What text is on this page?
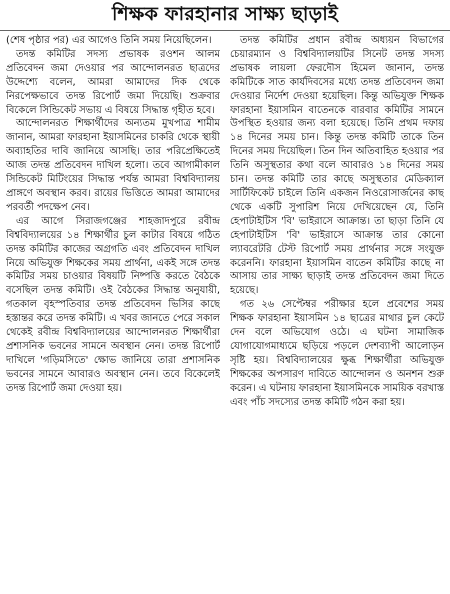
শিক্ষক ফারহানার সাক্ষ্য ছাড়াই

(শেষ পৃষ্ঠার পর) এর আগেও তিনি সময় নিয়েছিলেন।

তদন্ত কমিটির সদস্য প্রভাষক রওশন আলম প্রতিবেদন জমা দেওয়ার পর আন্দোলনরত ছাত্রদের উদ্দেশ্যে বলেন, আমরা আমাদের দিক থেকে নিরপেক্ষভাবে তদন্ত রিপোর্ট জমা দিয়েছি। শুক্রবার বিকেলে সিন্ডিকেট সভায় এ বিষয়ে সিদ্ধান্ত গৃহীত হবে।

আন্দোলনরত শিক্ষার্থীদের অন্যতম মুখপাত্র শামীম জানান, আমরা ফারহানা ইয়াসমিনের চাকরি থেকে স্থায়ী অব্যাহতির দাবি জানিয়ে আসছি। তার পরিপ্রেক্ষিতেই আজ তদন্ত প্রতিবেদন দাখিল হলো। তবে আগামীকাল সিন্ডিকেট মিটিংয়ের সিদ্ধান্ত পর্যন্ত আমরা বিশ্ববিদ্যালয় প্রাঙ্গণে অবস্থান করব। রায়ের ভিত্তিতে আমরা আমাদের পরবর্তী পদক্ষেপ নেব।

এর আগে সিরাজগঞ্জের শাহজাদপুরে রবীন্দ্র বিশ্ববিদ্যালয়ের ১৪ শিক্ষার্থীর চুল কাটার বিষয়ে গঠিত তদন্ত কমিটির কাজের অগ্রগতি এবং প্রতিবেদন দাখিল নিয়ে অভিযুক্ত শিক্ষকের সময় প্রার্থনা, একই সঙ্গে তদন্ত কমিটির সময় চাওয়ার বিষয়টি নিষ্পত্তি করতে বৈঠকে বসেছিল তদন্ত কমিটি। ওই বৈঠকের সিদ্ধান্ত অনুযায়ী, গতকাল বৃহস্পতিবার তদন্ত প্রতিবেদন ভিসির কাছে হস্তান্তর করে তদন্ত কমিটি। এ খবর জানতে পেরে সকাল থেকেই রবীন্দ্র বিশ্ববিদ্যালয়ের আন্দোলনরত শিক্ষার্থীরা প্রশাসনিক ভবনের সামনে অবস্থান নেন। তদন্ত রিপোর্ট দাখিলে 'গড়িমসিতে' ক্ষোভ জানিয়ে তারা প্রশাসনিক ভবনের সামনে আবারও অবস্থান নেন। তবে বিকেলেই তদন্ত রিপোর্ট জমা দেওয়া হয়।

তদন্ত কমিটির প্রধান রবীন্দ্র অধ্যয়ন বিভাগের চেয়ারম্যান ও বিশ্ববিদ্যালয়টির সিনেট তদন্ত সদস্য প্রভাষক লায়লা ফেরদৌস হিমেল জানান, তদন্ত কমিটিকে সাত কার্যদিবসের মধ্যে তদন্ত প্রতিবেদন জমা দেওয়ার নির্দেশ দেওয়া হয়েছিল। কিন্তু অভিযুক্ত শিক্ষক ফারহানা ইয়াসমিন বাতেনকে বারবার কমিটির সামনে উপস্থিত হওয়ার জন্য বলা হয়েছে। তিনি প্রথম দফায় ১৪ দিনের সময় চান। কিন্তু তদন্ত কমিটি তাকে তিন দিনের সময় দিয়েছিল। তিন দিন অতিবাহিত হওয়ার পর তিনি অসুস্থতার কথা বলে আবারও ১৪ দিনের সময় চান। তদন্ত কমিটি তার কাছে অসুস্থতার মেডিক্যাল সার্টিফিকেট চাইলে তিনি একজন নিওরোসার্জনের কাছ থেকে একটি সুপারিশ নিয়ে দেখিয়েছেন যে, তিনি হেপাটাইটিস 'বি' ভাইরাসে আক্রান্ত। তা ছাড়া তিনি যে হেপাটাইটিস 'বি' ভাইরাসে আক্রান্ত তার কোনো ল্যাবরেটরি টেস্ট রিপোর্ট সময় প্রার্থনার সঙ্গে সংযুক্ত করেননি। ফারহানা ইয়াসমিন বাতেন কমিটির কাছে না আসায় তার সাক্ষ্য ছাড়াই তদন্ত প্রতিবেদন জমা দিতে হয়েছে।

গত ২৬ সেপ্টেম্বর পরীক্ষার হলে প্রবেশের সময় শিক্ষক ফারহানা ইয়াসমিন ১৪ ছাত্রের মাথার চুল কেটে দেন বলে অভিযোগ ওঠে। এ ঘটনা সামাজিক যোগাযোগমাধ্যমে ছড়িয়ে পড়লে দেশব্যাপী আলোড়ন সৃষ্টি হয়। বিশ্ববিদ্যালয়ের ক্ষুব্ধ শিক্ষার্থীরা অভিযুক্ত শিক্ষকের অপসারণ দাবিতে আন্দোলন ও অনশন শুরু করেন। এ ঘটনায় ফারহানা ইয়াসমিনকে সাময়িক বরখাস্ত এবং পাঁচ সদস্যের তদন্ত কমিটি গঠন করা হয়।
